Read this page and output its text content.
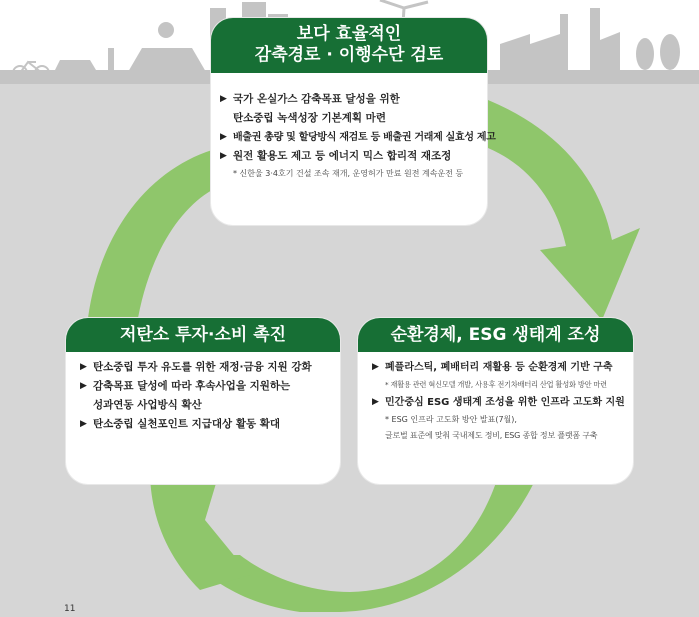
보다 효율적인
감축경로 · 이행수단 검토
▶ 국가 온실가스 감축목표 달성을 위한
탄소중립 녹색성장 기본계획 마련
▶ 배출권 총량 및 할당방식 재검토 등 배출권 거래제 실효성 제고
▶ 원전 활용도 제고 등 에너지 믹스 합리적 재조정
* 신한울 3·4호기 건설 조속 재개, 운영허가 만료 원전 계속운전 등
저탄소 투자·소비 촉진
▶ 탄소중립 투자 유도를 위한 재정·금융 지원 강화
▶ 감축목표 달성에 따라 후속사업을 지원하는
성과연동 사업방식 확산
▶ 탄소중립 실천포인트 지급대상 활동 확대
순환경제, ESG 생태계 조성
▶ 폐플라스틱, 폐배터리 재활용 등 순환경제 기반 구축
* 재활용 관련 혁신모델 개발, 사용후 전기차배터리 산업 활성화 방안 마련
▶ 민간중심 ESG 생태계 조성을 위한 인프라 고도화 지원
* ESG 인프라 고도화 방안 발표(7월),
글로벌 표준에 맞춰 국내제도 정비, ESG 종합 정보 플랫폼 구축
11
